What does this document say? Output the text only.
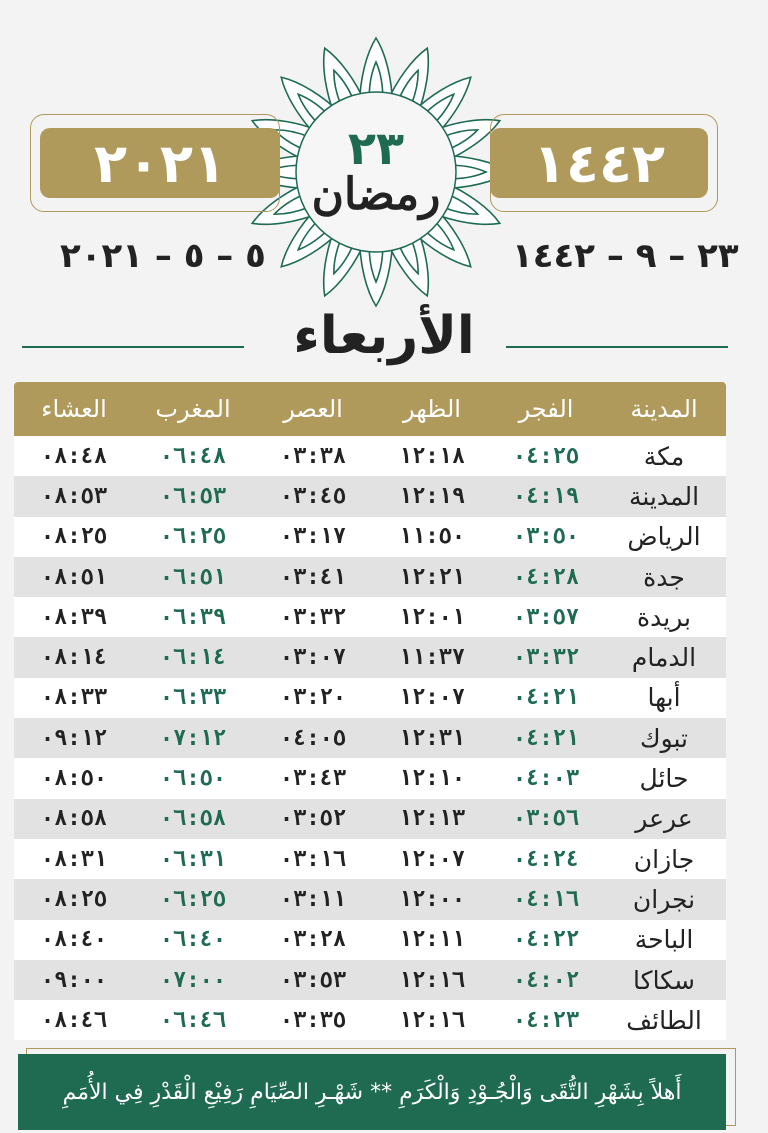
٢٠٢١	١٤٤٢
٢٣
رمضان
٥ – ٥ – ٢٠٢١	٢٣ – ٩ – ١٤٤٢
الأربعاء
المدينة
الفجر
الظهر
العصر
المغرب
العشاء
مكة
٠٤:٢٥
١٢:١٨
٠٣:٣٨
٠٦:٤٨
٠٨:٤٨
المدينة
٠٤:١٩
١٢:١٩
٠٣:٤٥
٠٦:٥٣
٠٨:٥٣
الرياض
٠٣:٥٠
١١:٥٠
٠٣:١٧
٠٦:٢٥
٠٨:٢٥
جدة
٠٤:٢٨
١٢:٢١
٠٣:٤١
٠٦:٥١
٠٨:٥١
بريدة
٠٣:٥٧
١٢:٠١
٠٣:٣٢
٠٦:٣٩
٠٨:٣٩
الدمام
٠٣:٣٢
١١:٣٧
٠٣:٠٧
٠٦:١٤
٠٨:١٤
أبها
٠٤:٢١
١٢:٠٧
٠٣:٢٠
٠٦:٣٣
٠٨:٣٣
تبوك
٠٤:٢١
١٢:٣١
٠٤:٠٥
٠٧:١٢
٠٩:١٢
حائل
٠٤:٠٣
١٢:١٠
٠٣:٤٣
٠٦:٥٠
٠٨:٥٠
عرعر
٠٣:٥٦
١٢:١٣
٠٣:٥٢
٠٦:٥٨
٠٨:٥٨
جازان
٠٤:٢٤
١٢:٠٧
٠٣:١٦
٠٦:٣١
٠٨:٣١
نجران
٠٤:١٦
١٢:٠٠
٠٣:١١
٠٦:٢٥
٠٨:٢٥
الباحة
٠٤:٢٢
١٢:١١
٠٣:٢٨
٠٦:٤٠
٠٨:٤٠
سكاكا
٠٤:٠٢
١٢:١٦
٠٣:٥٣
٠٧:٠٠
٠٩:٠٠
الطائف
٠٤:٢٣
١٢:١٦
٠٣:٣٥
٠٦:٤٦
٠٨:٤٦
أَهلاً بِشَهْرِ التُّقَى وَالْجُـوْدِ وَالْكَرَمِ ** شَهْـرِ الصِّيَامِ رَفِيْعِ الْقَدْرِ فِي الأُمَمِ
